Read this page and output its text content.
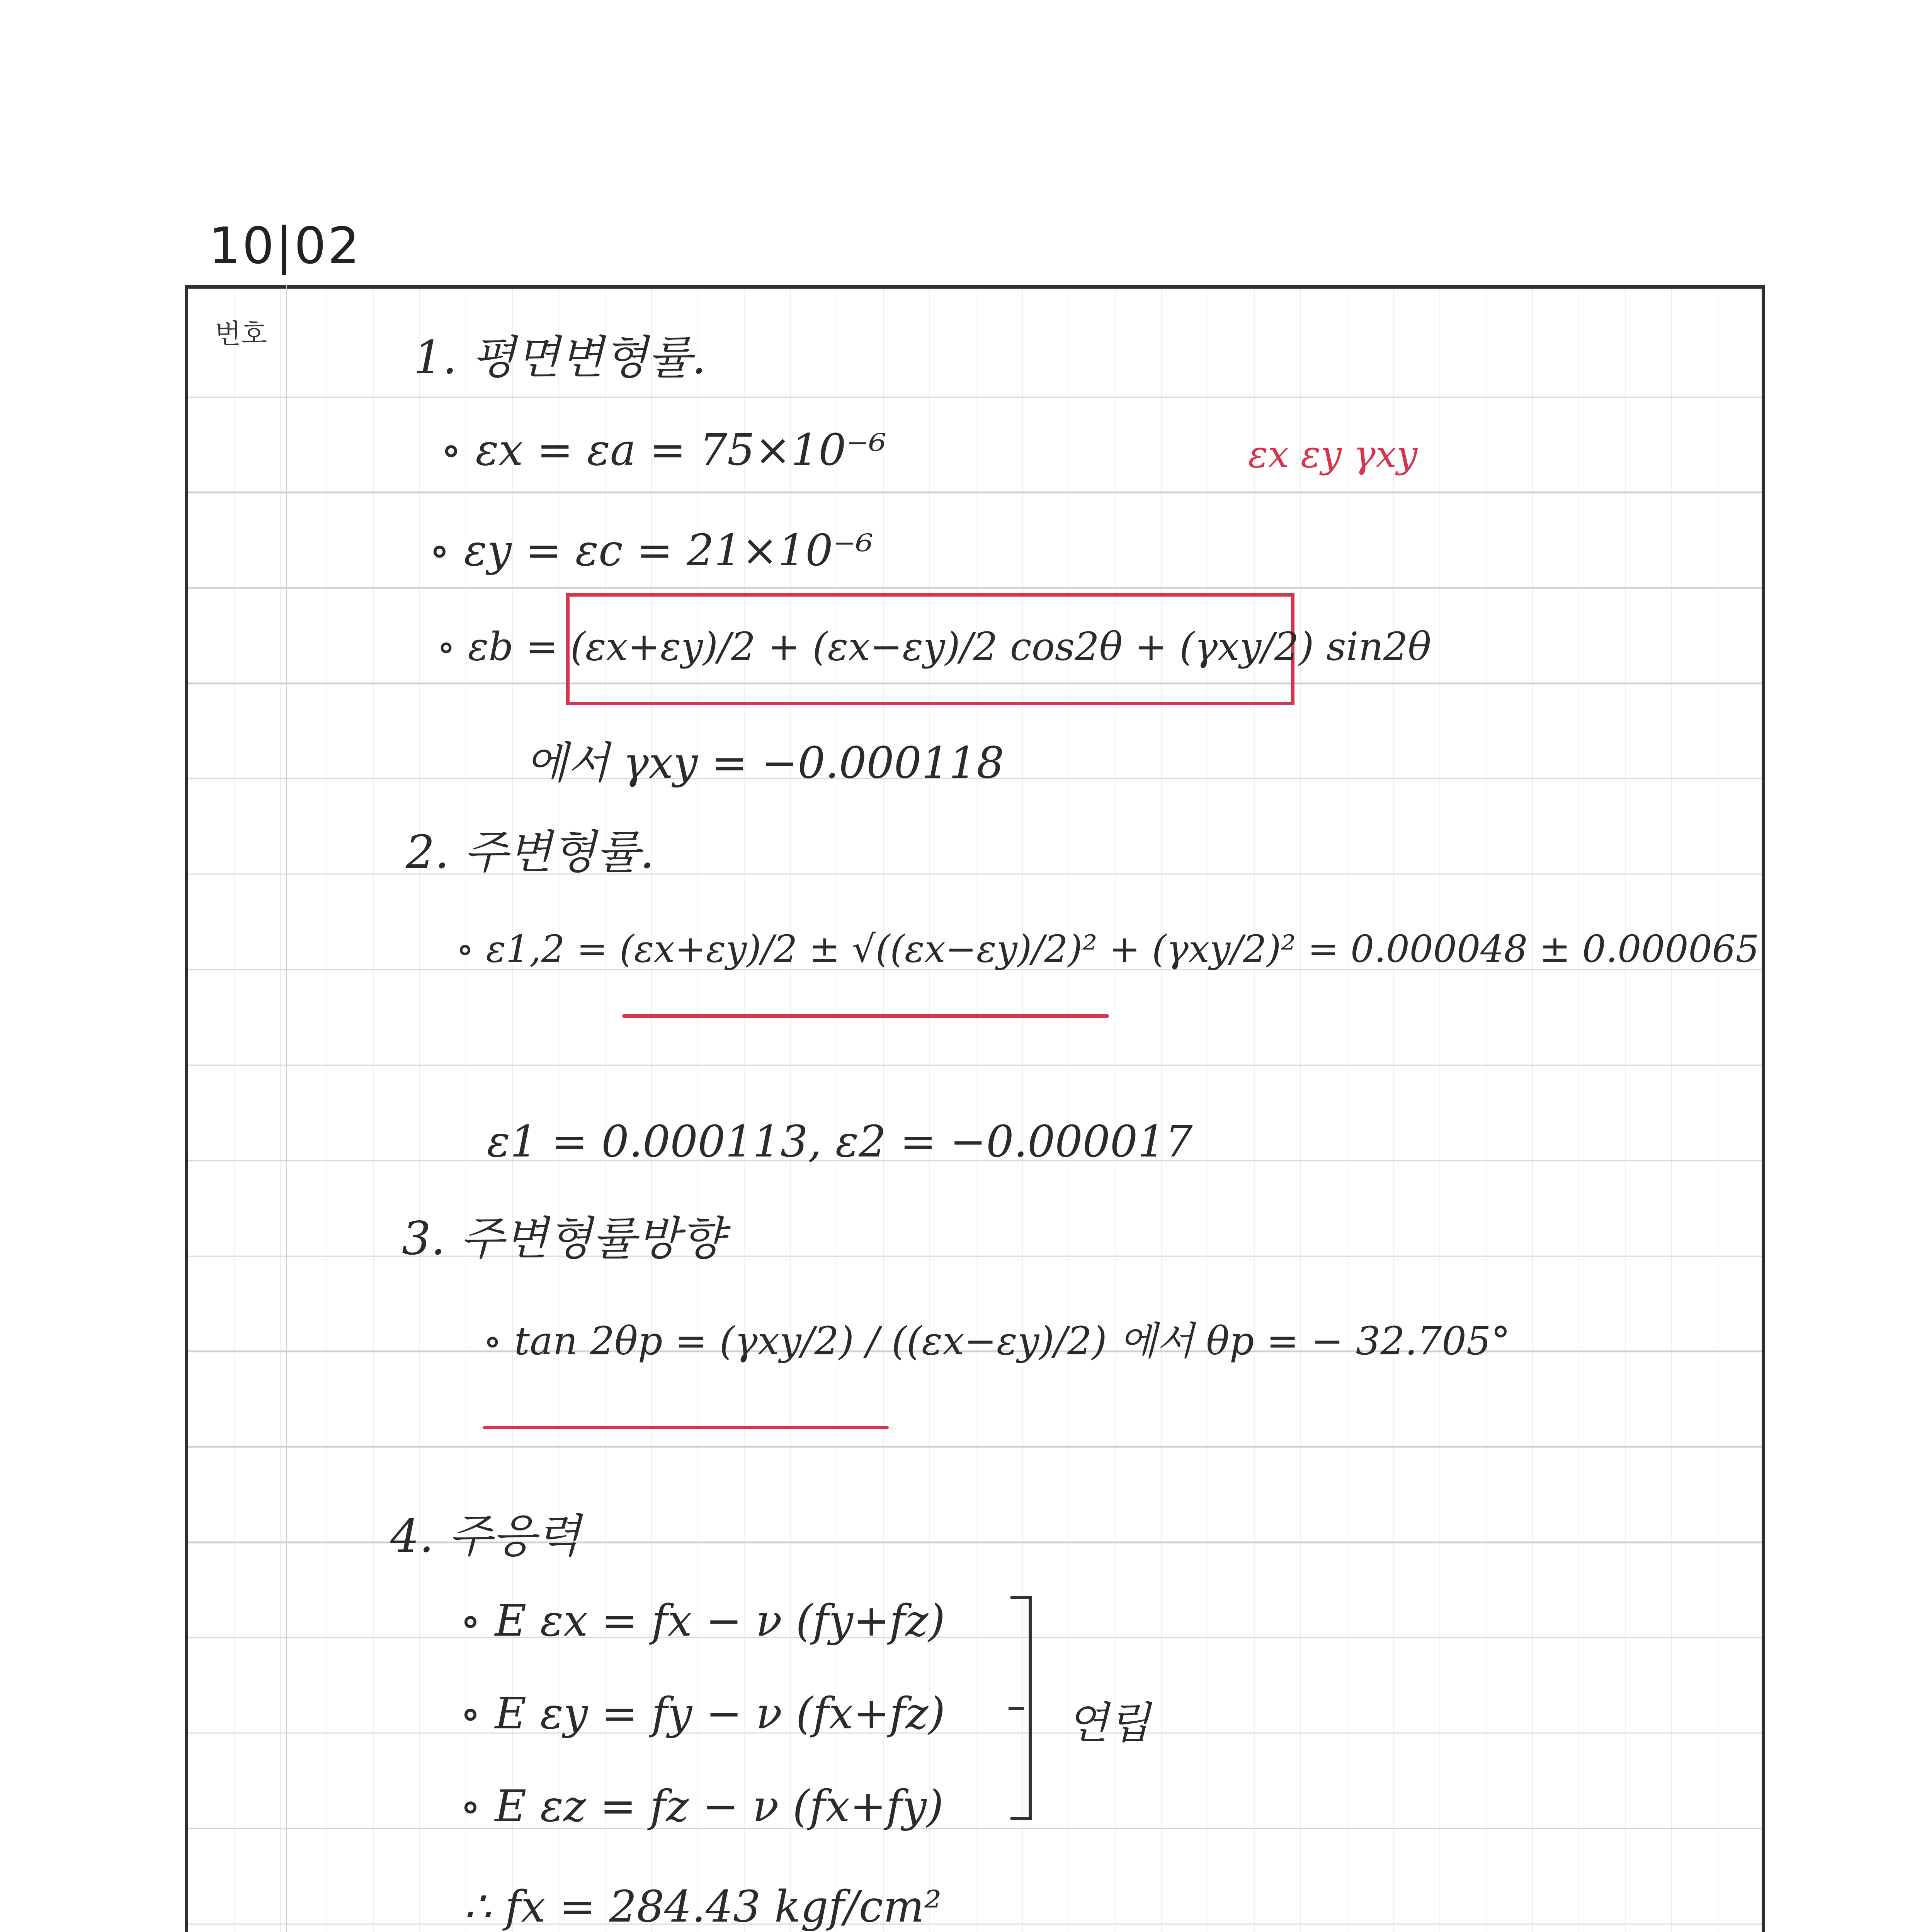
10|02
번호
εx εy γxy
1. 평면변형률.
∘ εx = εa = 75×10⁻⁶
∘ εy = εc = 21×10⁻⁶
∘ εb = (εx+εy)/2 + (εx−εy)/2 cos2θ + (γxy/2) sin2θ
에서 γxy = −0.000118
2. 주변형률.
∘ ε1,2 = (εx+εy)/2 ± √((εx−εy)/2)² + (γxy/2)² = 0.000048 ± 0.000065
ε1 = 0.000113, ε2 = −0.000017
3. 주변형률방향
∘ tan 2θp = (γxy/2) / ((εx−εy)/2) 에서 θp = − 32.705°
4. 주응력
∘ E εx = fx − ν (fy+fz)
∘ E εy = fy − ν (fx+fz)
∘ E εz = fz − ν (fx+fy)
연립
∴ fx = 284.43 kgf/cm²
